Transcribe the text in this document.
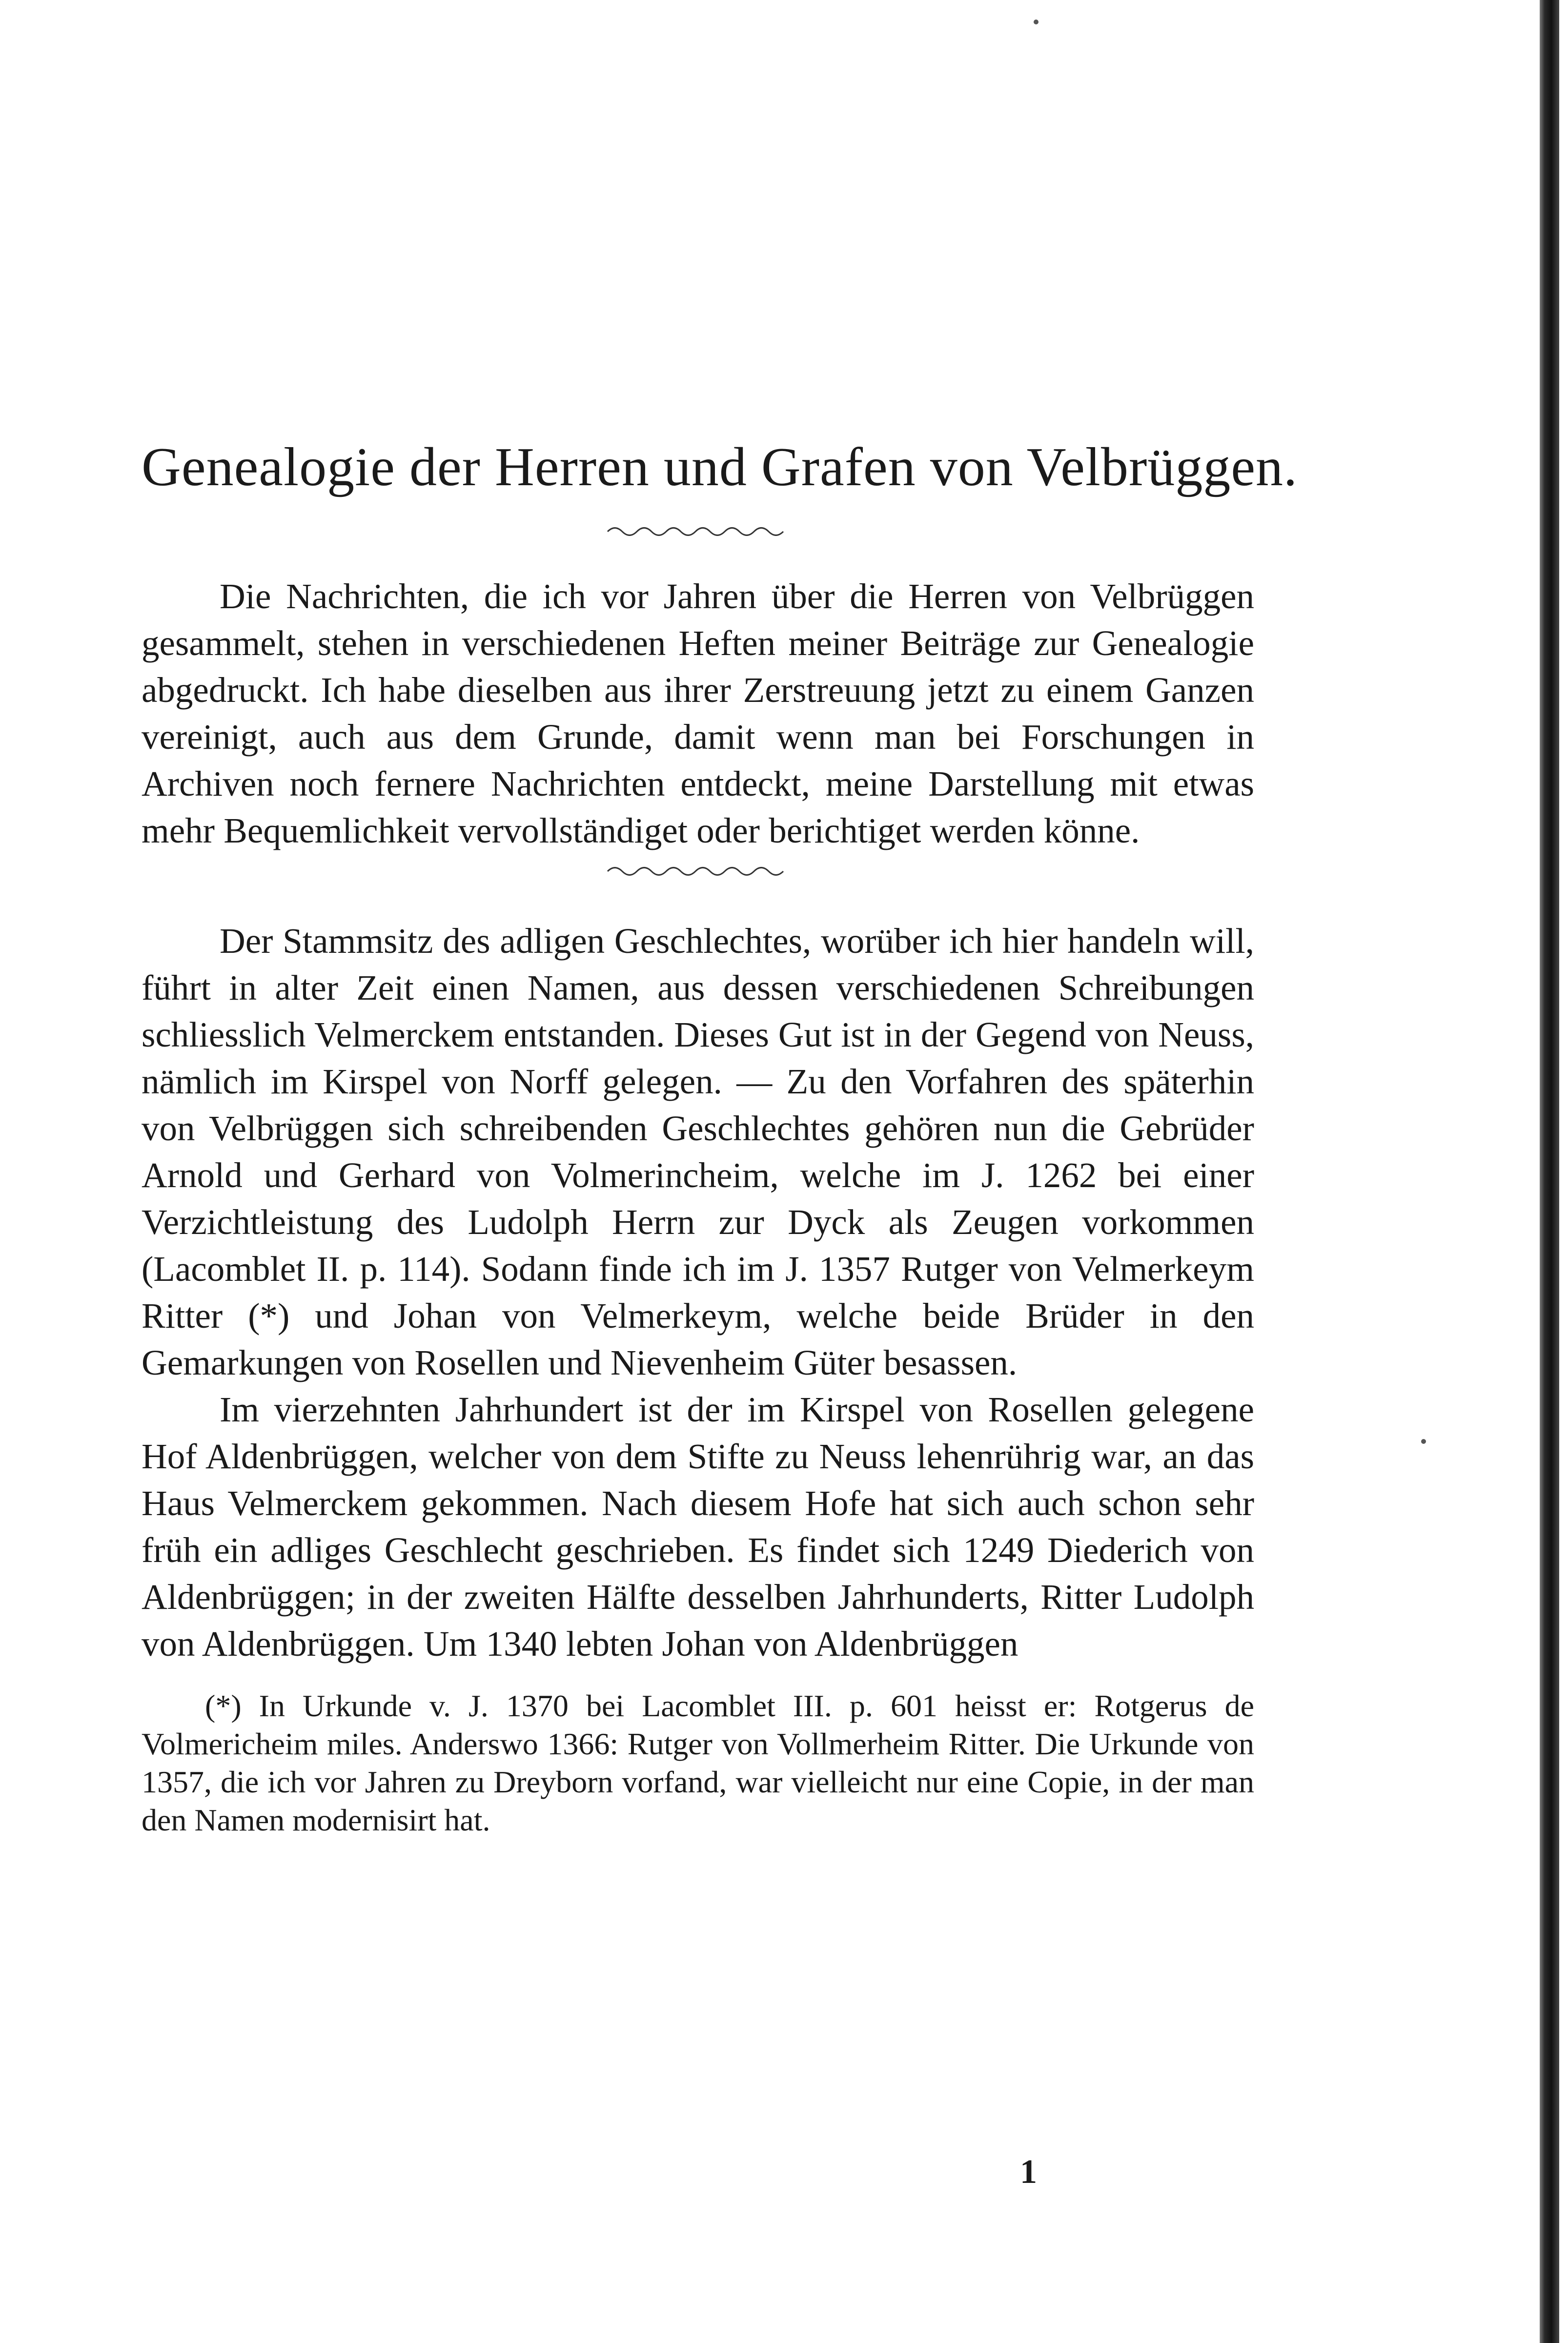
Genealogie der Herren und Grafen von Velbrüggen.

Die Nachrichten, die ich vor Jahren über die Herren von Velbrüggen gesammelt, stehen in verschiedenen Heften meiner Beiträge zur Genealogie abgedruckt. Ich habe dieselben aus ihrer Zerstreuung jetzt zu einem Ganzen vereinigt, auch aus dem Grunde, damit wenn man bei Forschungen in Archiven noch fernere Nachrichten entdeckt, meine Darstellung mit etwas mehr Bequemlichkeit vervollständiget oder berichtiget werden könne.

Der Stammsitz des adligen Geschlechtes, worüber ich hier handeln will, führt in alter Zeit einen Namen, aus dessen verschiedenen Schreibungen schliesslich Velmerckem entstanden. Dieses Gut ist in der Gegend von Neuss, nämlich im Kirspel von Norff gelegen. — Zu den Vorfahren des späterhin von Velbrüggen sich schreibenden Geschlechtes gehören nun die Gebrüder Arnold und Gerhard von Volmerincheim, welche im J. 1262 bei einer Verzichtleistung des Ludolph Herrn zur Dyck als Zeugen vorkommen (Lacomblet II. p. 114). Sodann finde ich im J. 1357 Rutger von Velmerkeym Ritter (*) und Johan von Velmerkeym, welche beide Brüder in den Gemarkungen von Rosellen und Nievenheim Güter besassen.

Im vierzehnten Jahrhundert ist der im Kirspel von Rosellen gelegene Hof Aldenbrüggen, welcher von dem Stifte zu Neuss lehenrührig war, an das Haus Velmerckem gekommen. Nach diesem Hofe hat sich auch schon sehr früh ein adliges Geschlecht geschrieben. Es findet sich 1249 Diederich von Aldenbrüggen; in der zweiten Hälfte desselben Jahrhunderts, Ritter Ludolph von Aldenbrüggen. Um 1340 lebten Johan von Aldenbrüggen

(*) In Urkunde v. J. 1370 bei Lacomblet III. p. 601 heisst er: Rotgerus de Volmericheim miles. Anderswo 1366: Rutger von Vollmerheim Ritter. Die Urkunde von 1357, die ich vor Jahren zu Dreyborn vorfand, war vielleicht nur eine Copie, in der man den Namen modernisirt hat.

1
